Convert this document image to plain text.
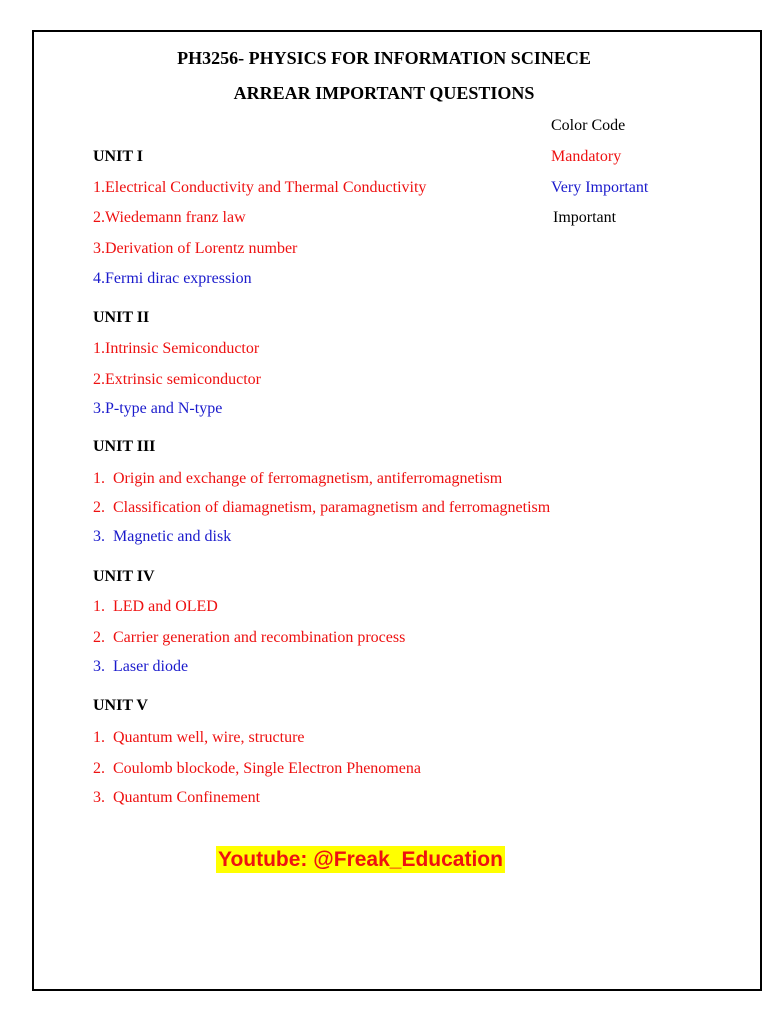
PH3256- PHYSICS FOR INFORMATION SCINECE
ARREAR IMPORTANT QUESTIONS
Color Code
Mandatory
Very Important
Important
UNIT I
1.Electrical Conductivity and Thermal Conductivity
2.Wiedemann franz law
3.Derivation of Lorentz number
4.Fermi dirac expression
UNIT II
1.Intrinsic Semiconductor
2.Extrinsic semiconductor
3.P-type and N-type
UNIT III
1.  Origin and exchange of ferromagnetism, antiferromagnetism
2.  Classification of diamagnetism, paramagnetism and ferromagnetism
3.  Magnetic and disk
UNIT IV
1.  LED and OLED
2.  Carrier generation and recombination process
3.  Laser diode
UNIT V
1.  Quantum well, wire, structure
2.  Coulomb blockode, Single Electron Phenomena
3.  Quantum Confinement
Youtube: @Freak_Education
